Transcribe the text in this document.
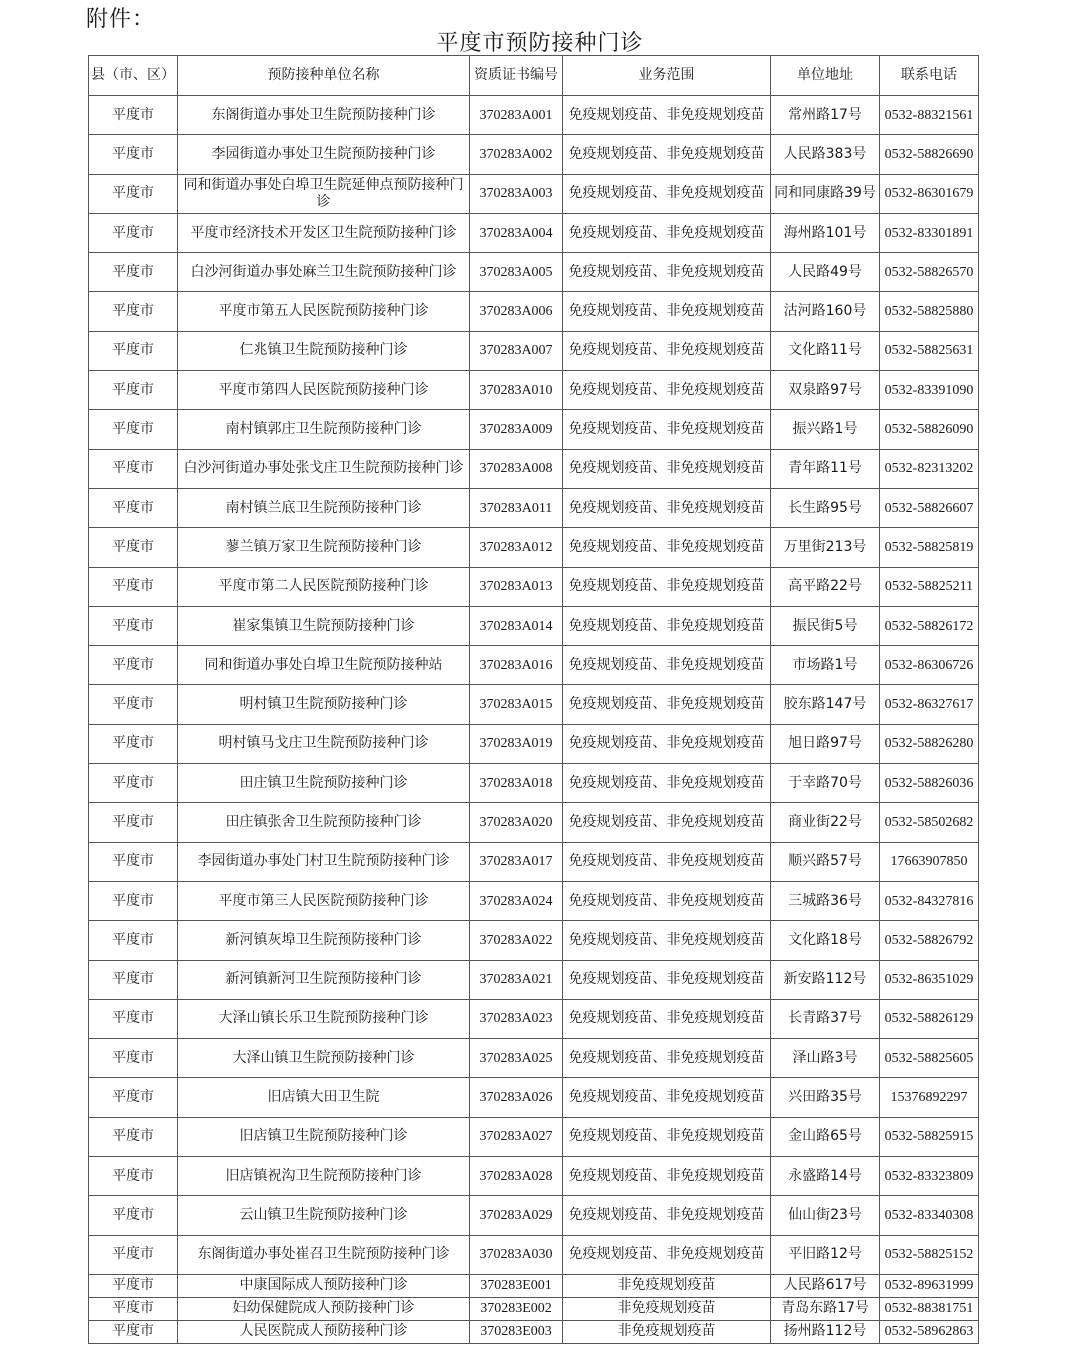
附件：
平度市预防接种门诊
县（市、区）	预防接种单位名称	资质证书编号	业务范围	单位地址	联系电话
平度市	东阁街道办事处卫生院预防接种门诊	370283A001	免疫规划疫苗、非免疫规划疫苗	常州路17号	0532-88321561
平度市	李园街道办事处卫生院预防接种门诊	370283A002	免疫规划疫苗、非免疫规划疫苗	人民路383号	0532-58826690
平度市	同和街道办事处白埠卫生院延伸点预防接种门诊	370283A003	免疫规划疫苗、非免疫规划疫苗	同和同康路39号	0532-86301679
平度市	平度市经济技术开发区卫生院预防接种门诊	370283A004	免疫规划疫苗、非免疫规划疫苗	海州路101号	0532-83301891
平度市	白沙河街道办事处麻兰卫生院预防接种门诊	370283A005	免疫规划疫苗、非免疫规划疫苗	人民路49号	0532-58826570
平度市	平度市第五人民医院预防接种门诊	370283A006	免疫规划疫苗、非免疫规划疫苗	沽河路160号	0532-58825880
平度市	仁兆镇卫生院预防接种门诊	370283A007	免疫规划疫苗、非免疫规划疫苗	文化路11号	0532-58825631
平度市	平度市第四人民医院预防接种门诊	370283A010	免疫规划疫苗、非免疫规划疫苗	双泉路97号	0532-83391090
平度市	南村镇郭庄卫生院预防接种门诊	370283A009	免疫规划疫苗、非免疫规划疫苗	振兴路1号	0532-58826090
平度市	白沙河街道办事处张戈庄卫生院预防接种门诊	370283A008	免疫规划疫苗、非免疫规划疫苗	青年路11号	0532-82313202
平度市	南村镇兰底卫生院预防接种门诊	370283A011	免疫规划疫苗、非免疫规划疫苗	长生路95号	0532-58826607
平度市	蓼兰镇万家卫生院预防接种门诊	370283A012	免疫规划疫苗、非免疫规划疫苗	万里街213号	0532-58825819
平度市	平度市第二人民医院预防接种门诊	370283A013	免疫规划疫苗、非免疫规划疫苗	高平路22号	0532-58825211
平度市	崔家集镇卫生院预防接种门诊	370283A014	免疫规划疫苗、非免疫规划疫苗	振民街5号	0532-58826172
平度市	同和街道办事处白埠卫生院预防接种站	370283A016	免疫规划疫苗、非免疫规划疫苗	市场路1号	0532-86306726
平度市	明村镇卫生院预防接种门诊	370283A015	免疫规划疫苗、非免疫规划疫苗	胶东路147号	0532-86327617
平度市	明村镇马戈庄卫生院预防接种门诊	370283A019	免疫规划疫苗、非免疫规划疫苗	旭日路97号	0532-58826280
平度市	田庄镇卫生院预防接种门诊	370283A018	免疫规划疫苗、非免疫规划疫苗	于幸路70号	0532-58826036
平度市	田庄镇张舍卫生院预防接种门诊	370283A020	免疫规划疫苗、非免疫规划疫苗	商业街22号	0532-58502682
平度市	李园街道办事处门村卫生院预防接种门诊	370283A017	免疫规划疫苗、非免疫规划疫苗	顺兴路57号	17663907850
平度市	平度市第三人民医院预防接种门诊	370283A024	免疫规划疫苗、非免疫规划疫苗	三城路36号	0532-84327816
平度市	新河镇灰埠卫生院预防接种门诊	370283A022	免疫规划疫苗、非免疫规划疫苗	文化路18号	0532-58826792
平度市	新河镇新河卫生院预防接种门诊	370283A021	免疫规划疫苗、非免疫规划疫苗	新安路112号	0532-86351029
平度市	大泽山镇长乐卫生院预防接种门诊	370283A023	免疫规划疫苗、非免疫规划疫苗	长青路37号	0532-58826129
平度市	大泽山镇卫生院预防接种门诊	370283A025	免疫规划疫苗、非免疫规划疫苗	泽山路3号	0532-58825605
平度市	旧店镇大田卫生院	370283A026	免疫规划疫苗、非免疫规划疫苗	兴田路35号	15376892297
平度市	旧店镇卫生院预防接种门诊	370283A027	免疫规划疫苗、非免疫规划疫苗	金山路65号	0532-58825915
平度市	旧店镇祝沟卫生院预防接种门诊	370283A028	免疫规划疫苗、非免疫规划疫苗	永盛路14号	0532-83323809
平度市	云山镇卫生院预防接种门诊	370283A029	免疫规划疫苗、非免疫规划疫苗	仙山街23号	0532-83340308
平度市	东阁街道办事处崔召卫生院预防接种门诊	370283A030	免疫规划疫苗、非免疫规划疫苗	平旧路12号	0532-58825152
平度市	中康国际成人预防接种门诊	370283E001	非免疫规划疫苗	人民路617号	0532-89631999
平度市	妇幼保健院成人预防接种门诊	370283E002	非免疫规划疫苗	青岛东路17号	0532-88381751
平度市	人民医院成人预防接种门诊	370283E003	非免疫规划疫苗	扬州路112号	0532-58962863
